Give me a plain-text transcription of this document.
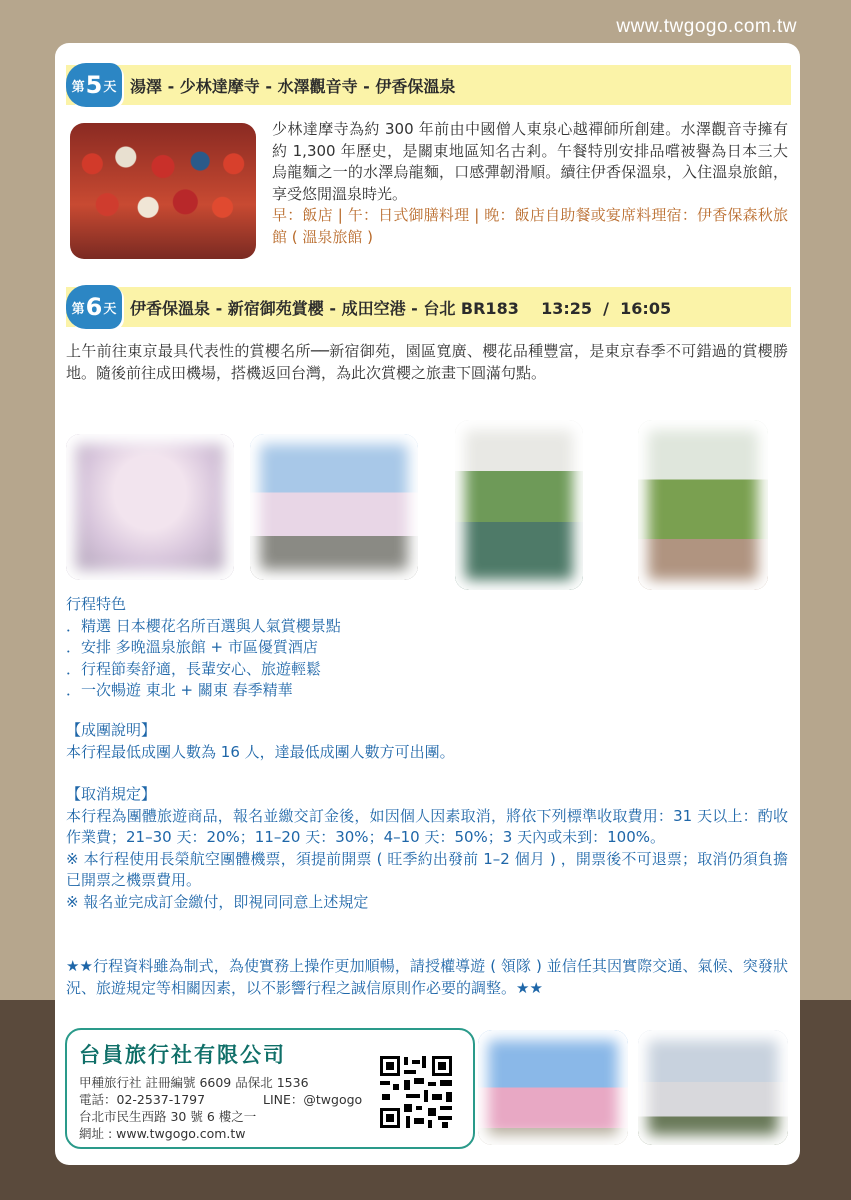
www.twgogo.com.tw
第 5 天 湯澤 - 少林達摩寺 - 水澤觀音寺 - 伊香保溫泉
少林達摩寺為約 300 年前由中國僧人東泉心越禪師所創建。水澤觀音寺擁有約 1,300 年歷史，是關東地區知名古剎。午餐特別安排品嚐被譽為日本三大烏龍麵之一的水澤烏龍麵，口感彈韌滑順。續往伊香保溫泉，入住溫泉旅館，享受悠閒溫泉時光。
早：飯店 | 午：日式御膳料理 | 晚：飯店自助餐或宴席料理宿：伊香保森秋旅館 ( 溫泉旅館 )
第 6 天 伊香保溫泉 - 新宿御苑賞櫻 - 成田空港 - 台北 BR183    13:25  /  16:05

上午前往東京最具代表性的賞櫻名所──新宿御苑，園區寬廣、櫻花品種豐富，是東京春季不可錯過的賞櫻勝地。隨後前往成田機場，搭機返回台灣，為此次賞櫻之旅畫下圓滿句點。

行程特色
．精選 日本櫻花名所百選與人氣賞櫻景點
．安排 多晚溫泉旅館 + 市區優質酒店
．行程節奏舒適，長輩安心、旅遊輕鬆
．一次暢遊 東北 + 關東 春季精華
【成團說明】
本行程最低成團人數為 16 人，達最低成團人數方可出團。
【取消規定】
本行程為團體旅遊商品，報名並繳交訂金後，如因個人因素取消，將依下列標準收取費用：31 天以上：酌收作業費；21–30 天：20%；11–20 天：30%；4–10 天：50%；3 天內或未到：100%。
※ 本行程使用長榮航空團體機票，須提前開票 ( 旺季約出發前 1–2 個月 ) ，開票後不可退票；取消仍須負擔已開票之機票費用。
※ 報名並完成訂金繳付，即視同同意上述規定
★★行程資料雖為制式，為使實務上操作更加順暢，請授權導遊 ( 領隊 ) 並信任其因實際交通、氣候、突發狀況、旅遊規定等相關因素，以不影響行程之誠信原則作必要的調整。★★
台員旅行社有限公司
甲種旅行社 註冊編號 6609 品保北 1536
電話：02-2537-1797	LINE：@twgogo
台北市民生西路 30 號 6 樓之一
網址 : www.twgogo.com.tw
